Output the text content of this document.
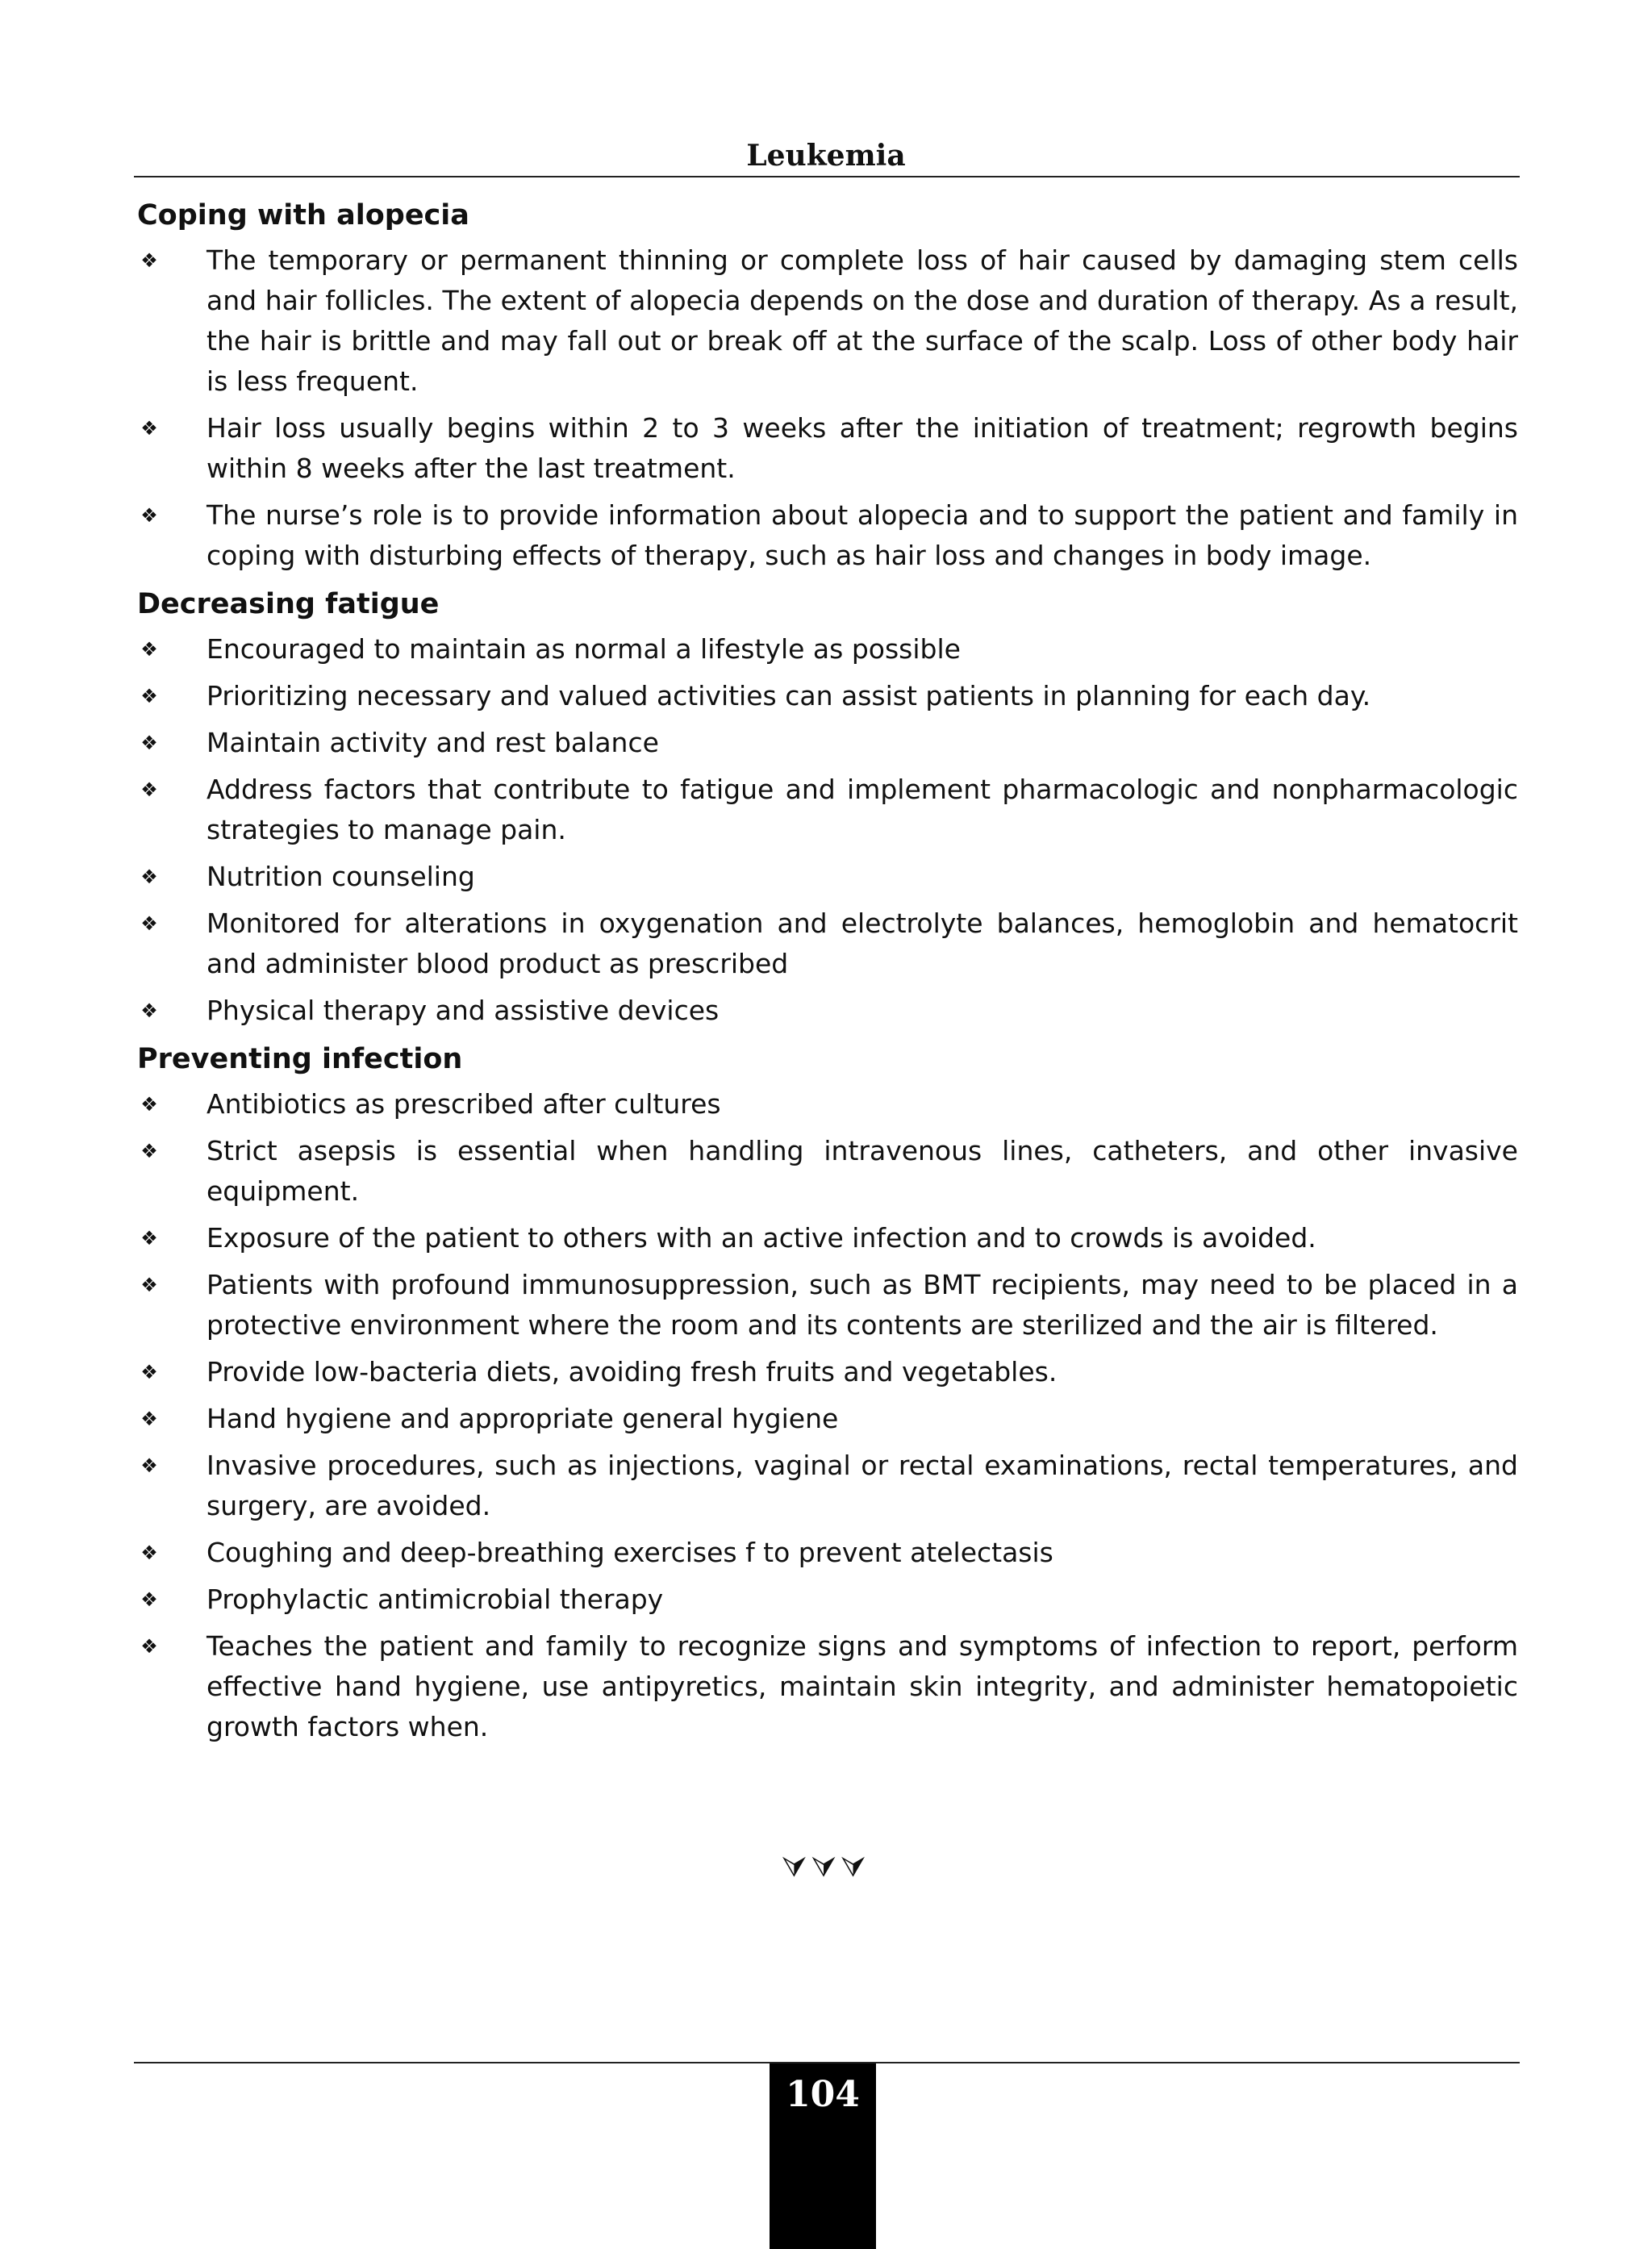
Leukemia
Coping with alopecia
❖ The temporary or permanent thinning or complete loss of hair caused by damaging stem cells and hair follicles. The extent of alopecia depends on the dose and duration of therapy. As a result, the hair is brittle and may fall out or break off at the surface of the scalp. Loss of other body hair is less frequent.
❖ Hair loss usually begins within 2 to 3 weeks after the initiation of treatment; regrowth begins within 8 weeks after the last treatment.
❖ The nurse’s role is to provide information about alopecia and to support the patient and family in coping with disturbing effects of therapy, such as hair loss and changes in body image.
Decreasing fatigue
❖ Encouraged to maintain as normal a lifestyle as possible
❖ Prioritizing necessary and valued activities can assist patients in planning for each day.
❖ Maintain activity and rest balance
❖ Address factors that contribute to fatigue and implement pharmacologic and nonpharmacologic strategies to manage pain.
❖ Nutrition counseling
❖ Monitored for alterations in oxygenation and electrolyte balances, hemoglobin and hematocrit and administer blood product as prescribed
❖ Physical therapy and assistive devices
Preventing infection
❖ Antibiotics as prescribed after cultures
❖ Strict asepsis is essential when handling intravenous lines, catheters, and other invasive equipment.
❖ Exposure of the patient to others with an active infection and to crowds is avoided.
❖ Patients with profound immunosuppression, such as BMT recipients, may need to be placed in a protective environment where the room and its contents are sterilized and the air is filtered.
❖ Provide low-bacteria diets, avoiding fresh fruits and vegetables.
❖ Hand hygiene and appropriate general hygiene
❖ Invasive procedures, such as injections, vaginal or rectal examinations, rectal temperatures, and surgery, are avoided.
❖ Coughing and deep-breathing exercises f to prevent atelectasis
❖ Prophylactic antimicrobial therapy
❖ Teaches the patient and family to recognize signs and symptoms of infection to report, perform effective hand hygiene, use antipyretics, maintain skin integrity, and administer hematopoietic growth factors when.
⮛⮛⮛
104
